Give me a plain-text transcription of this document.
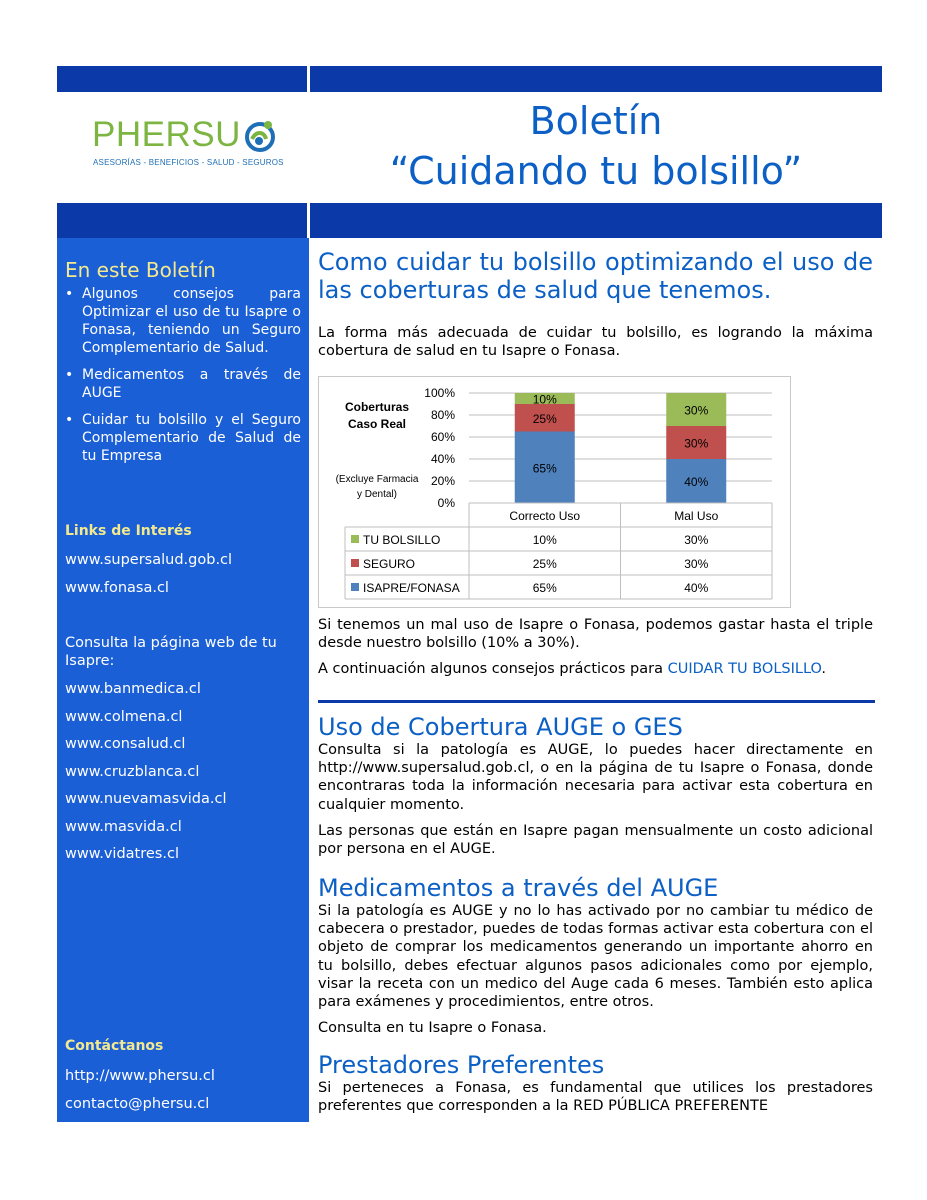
PHERSU
ASESORÍAS - BENEFICIOS - SALUD - SEGUROS
Boletín
“Cuidando tu bolsillo”
En este Boletín
• Algunos consejos para Optimizar el uso de tu Isapre o Fonasa, teniendo un Seguro Complementario de Salud.
• Medicamentos a través de AUGE
• Cuidar tu bolsillo y el Seguro Complementario de Salud de tu Empresa
Links de Interés
www.supersalud.gob.cl
www.fonasa.cl
Consulta la página web de tu Isapre:
www.banmedica.cl
www.colmena.cl
www.consalud.cl
www.cruzblanca.cl
www.nuevamasvida.cl
www.masvida.cl
www.vidatres.cl
Contáctanos
http://www.phersu.cl
contacto@phersu.cl
Como cuidar tu bolsillo optimizando el uso de las coberturas de salud que tenemos.

La forma más adecuada de cuidar tu bolsillo, es logrando la máxima cobertura de salud en tu Isapre o Fonasa.

0%
20%
40%
60%
80%
100%
Coberturas
Caso Real
(Excluye Farmacia
y Dental)
65%
25%
10%
40%
30%
30%
Correcto Uso	Mal Uso
TU BOLSILLO	10%	30%
SEGURO	25%	30%
ISAPRE/FONASA	65%	40%

Si tenemos un mal uso de Isapre o Fonasa, podemos gastar hasta el triple desde nuestro bolsillo (10% a 30%).

A continuación algunos consejos prácticos para CUIDAR TU BOLSILLO.

Uso de Cobertura AUGE o GES

Consulta si la patología es AUGE, lo puedes hacer directamente en http://www.supersalud.gob.cl, o en la página de tu Isapre o Fonasa, donde encontraras toda la información necesaria para activar esta cobertura en cualquier momento.

Las personas que están en Isapre pagan mensualmente un costo adicional por persona en el AUGE.

Medicamentos a través del AUGE

Si la patología es AUGE y no lo has activado por no cambiar tu médico de cabecera o prestador, puedes de todas formas activar esta cobertura con el objeto de comprar los medicamentos generando un importante ahorro en tu bolsillo, debes efectuar algunos pasos adicionales como por ejemplo, visar la receta con un medico del Auge cada 6 meses. También esto aplica para exámenes y procedimientos, entre otros.

Consulta en tu Isapre o Fonasa.

Prestadores Preferentes

Si perteneces a Fonasa, es fundamental que utilices los prestadores preferentes que corresponden a la RED PÚBLICA PREFERENTE
